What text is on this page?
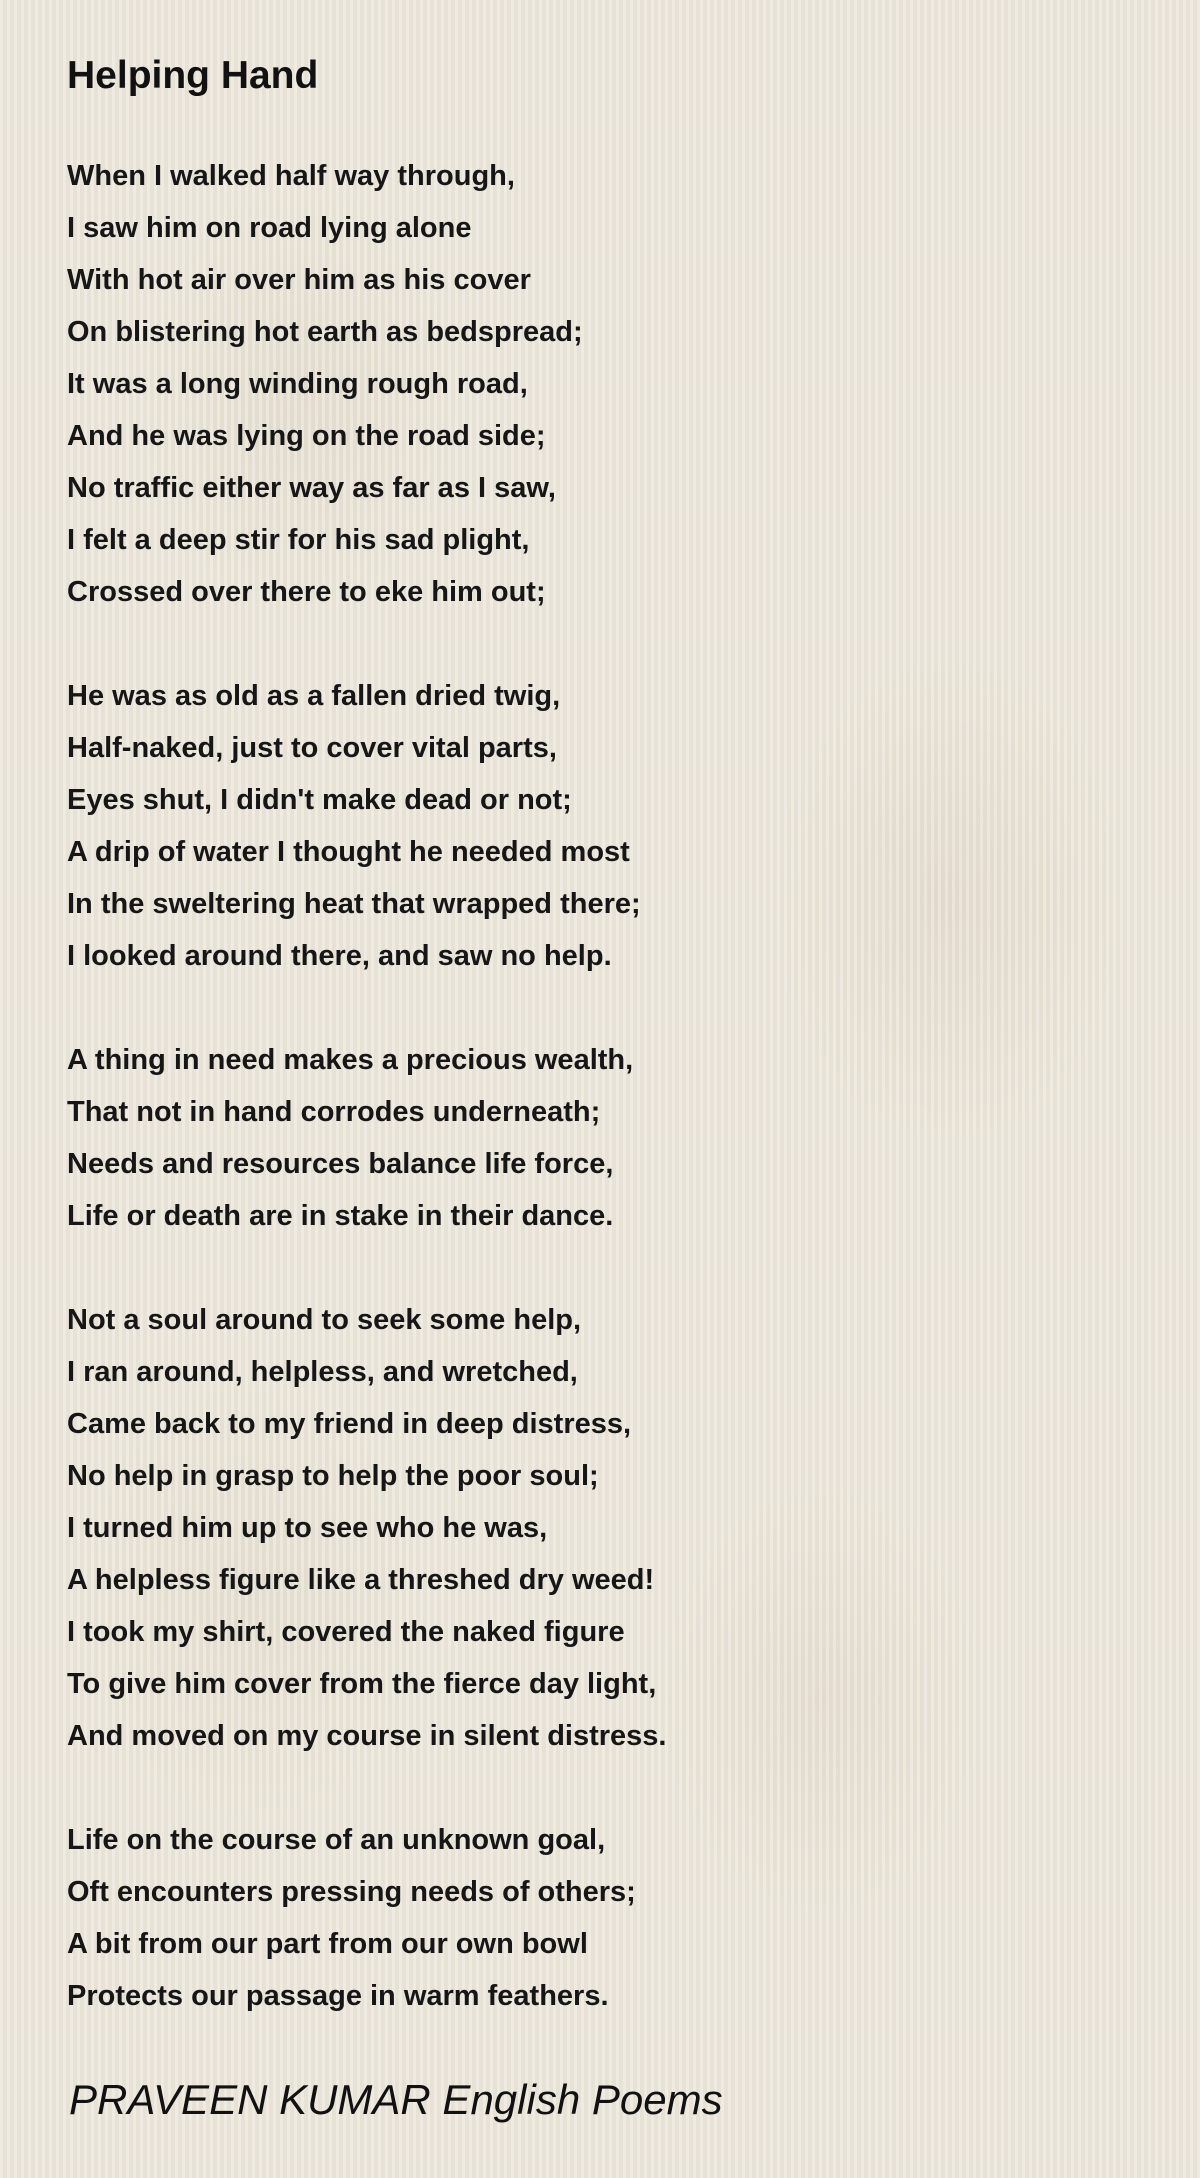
Helping Hand
When I walked half way through,
I saw him on road lying alone
With hot air over him as his cover
On blistering hot earth as bedspread;
It was a long winding rough road,
And he was lying on the road side;
No traffic either way as far as I saw,
I felt a deep stir for his sad plight,
Crossed over there to eke him out;
He was as old as a fallen dried twig,
Half-naked, just to cover vital parts,
Eyes shut, I didn't make dead or not;
A drip of water I thought he needed most
In the sweltering heat that wrapped there;
I looked around there, and saw no help.
A thing in need makes a precious wealth,
That not in hand corrodes underneath;
Needs and resources balance life force,
Life or death are in stake in their dance.
Not a soul around to seek some help,
I ran around, helpless, and wretched,
Came back to my friend in deep distress,
No help in grasp to help the poor soul;
I turned him up to see who he was,
A helpless figure like a threshed dry weed!
I took my shirt, covered the naked figure
To give him cover from the fierce day light,
And moved on my course in silent distress.
Life on the course of an unknown goal,
Oft encounters pressing needs of others;
A bit from our part from our own bowl
Protects our passage in warm feathers.
PRAVEEN KUMAR English Poems
